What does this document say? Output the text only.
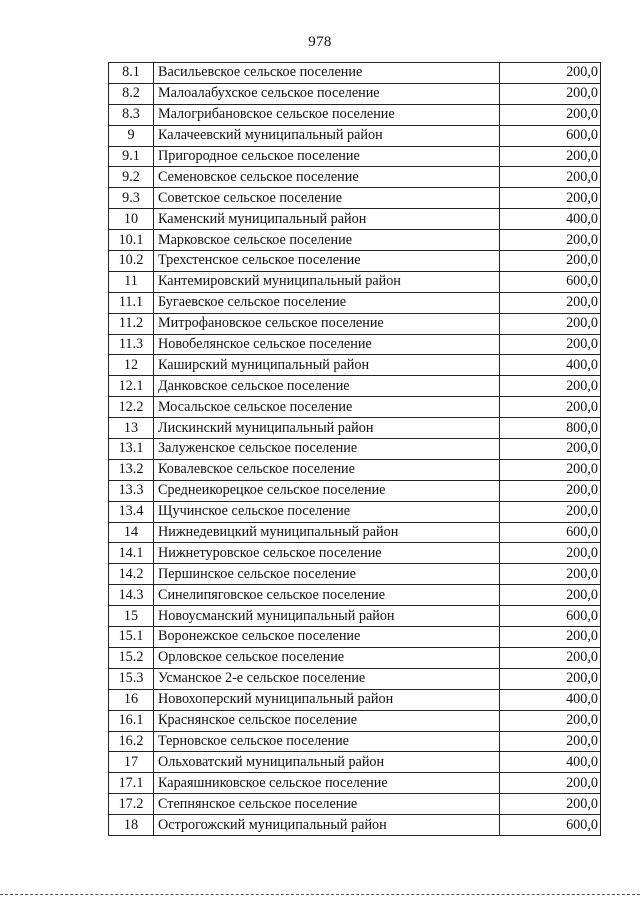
978
8.1	Васильевское сельское поселение	200,0
8.2	Малоалабухское сельское поселение	200,0
8.3	Малогрибановское сельское поселение	200,0
9	Калачеевский муниципальный район	600,0
9.1	Пригородное сельское поселение	200,0
9.2	Семеновское сельское поселение	200,0
9.3	Советское сельское поселение	200,0
10	Каменский муниципальный район	400,0
10.1	Марковское сельское поселение	200,0
10.2	Трехстенское сельское поселение	200,0
11	Кантемировский муниципальный район	600,0
11.1	Бугаевское сельское поселение	200,0
11.2	Митрофановское сельское поселение	200,0
11.3	Новобелянское сельское поселение	200,0
12	Каширский муниципальный район	400,0
12.1	Данковское сельское поселение	200,0
12.2	Мосальское сельское поселение	200,0
13	Лискинский муниципальный район	800,0
13.1	Залуженское сельское поселение	200,0
13.2	Ковалевское сельское поселение	200,0
13.3	Среднеикорецкое сельское поселение	200,0
13.4	Щучинское сельское поселение	200,0
14	Нижнедевицкий муниципальный район	600,0
14.1	Нижнетуровское сельское поселение	200,0
14.2	Першинское сельское поселение	200,0
14.3	Синелипяговское сельское поселение	200,0
15	Новоусманский муниципальный район	600,0
15.1	Воронежское сельское поселение	200,0
15.2	Орловское сельское поселение	200,0
15.3	Усманское 2-е сельское поселение	200,0
16	Новохоперский муниципальный район	400,0
16.1	Краснянское сельское поселение	200,0
16.2	Терновское сельское поселение	200,0
17	Ольховатский муниципальный район	400,0
17.1	Караяшниковское сельское поселение	200,0
17.2	Степнянское сельское поселение	200,0
18	Острогожский муниципальный район	600,0
